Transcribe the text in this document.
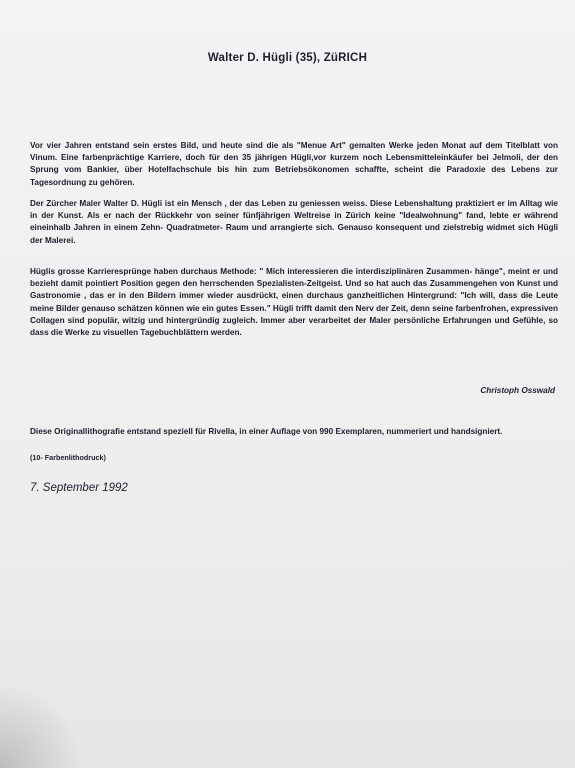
Walter D. Hügli (35), ZüRICH

Vor vier Jahren entstand sein erstes Bild, und heute sind die als "Menue Art" gemalten Werke jeden Monat auf dem Titelblatt von Vinum. Eine farbenprächtige Karriere, doch für den 35 jährigen Hügli,vor kurzem noch Lebensmitteleinkäufer bei Jelmoli, der den Sprung vom Bankier, über Hotelfachschule bis hin zum Betriebsökonomen schaffte, scheint die Paradoxie des Lebens zur Tagesordnung zu gehören.

Der Zürcher Maler Walter D. Hügli ist ein Mensch , der das Leben zu geniessen weiss. Diese Lebenshaltung praktiziert er im Alltag wie in der Kunst. Als er nach der Rückkehr von seiner fünfjährigen Weltreise in Zürich keine "Idealwohnung" fand, lebte er während eineinhalb Jahren in einem Zehn- Quadratmeter- Raum und arrangierte sich. Genauso konsequent und zielstrebig widmet sich Hügli der Malerei.

Hüglis grosse Karrieresprünge haben durchaus Methode: " Mich interessieren die interdisziplinären Zusammen- hänge", meint er und bezieht damit pointiert Position gegen den herrschenden Spezialisten-Zeitgeist. Und so hat auch das Zusammengehen von Kunst und Gastronomie , das er in den Bildern immer wieder ausdrückt, einen durchaus ganzheitlichen Hintergrund: "Ich will, dass die Leute meine Bilder genauso schätzen können wie ein gutes Essen." Hügli trifft damit den Nerv der Zeit, denn seine farbenfrohen, expressiven Collagen sind populär, witzig und hintergründig zugleich. Immer aber verarbeitet der Maler persönliche Erfahrungen und Gefühle, so dass die Werke zu visuellen Tagebuchblättern werden.

Christoph Osswald

Diese Originallithografie entstand speziell für Rivella, in einer Auflage von 990 Exemplaren, nummeriert und handsigniert.

(10- Farbenlithodruck)
7. September 1992
